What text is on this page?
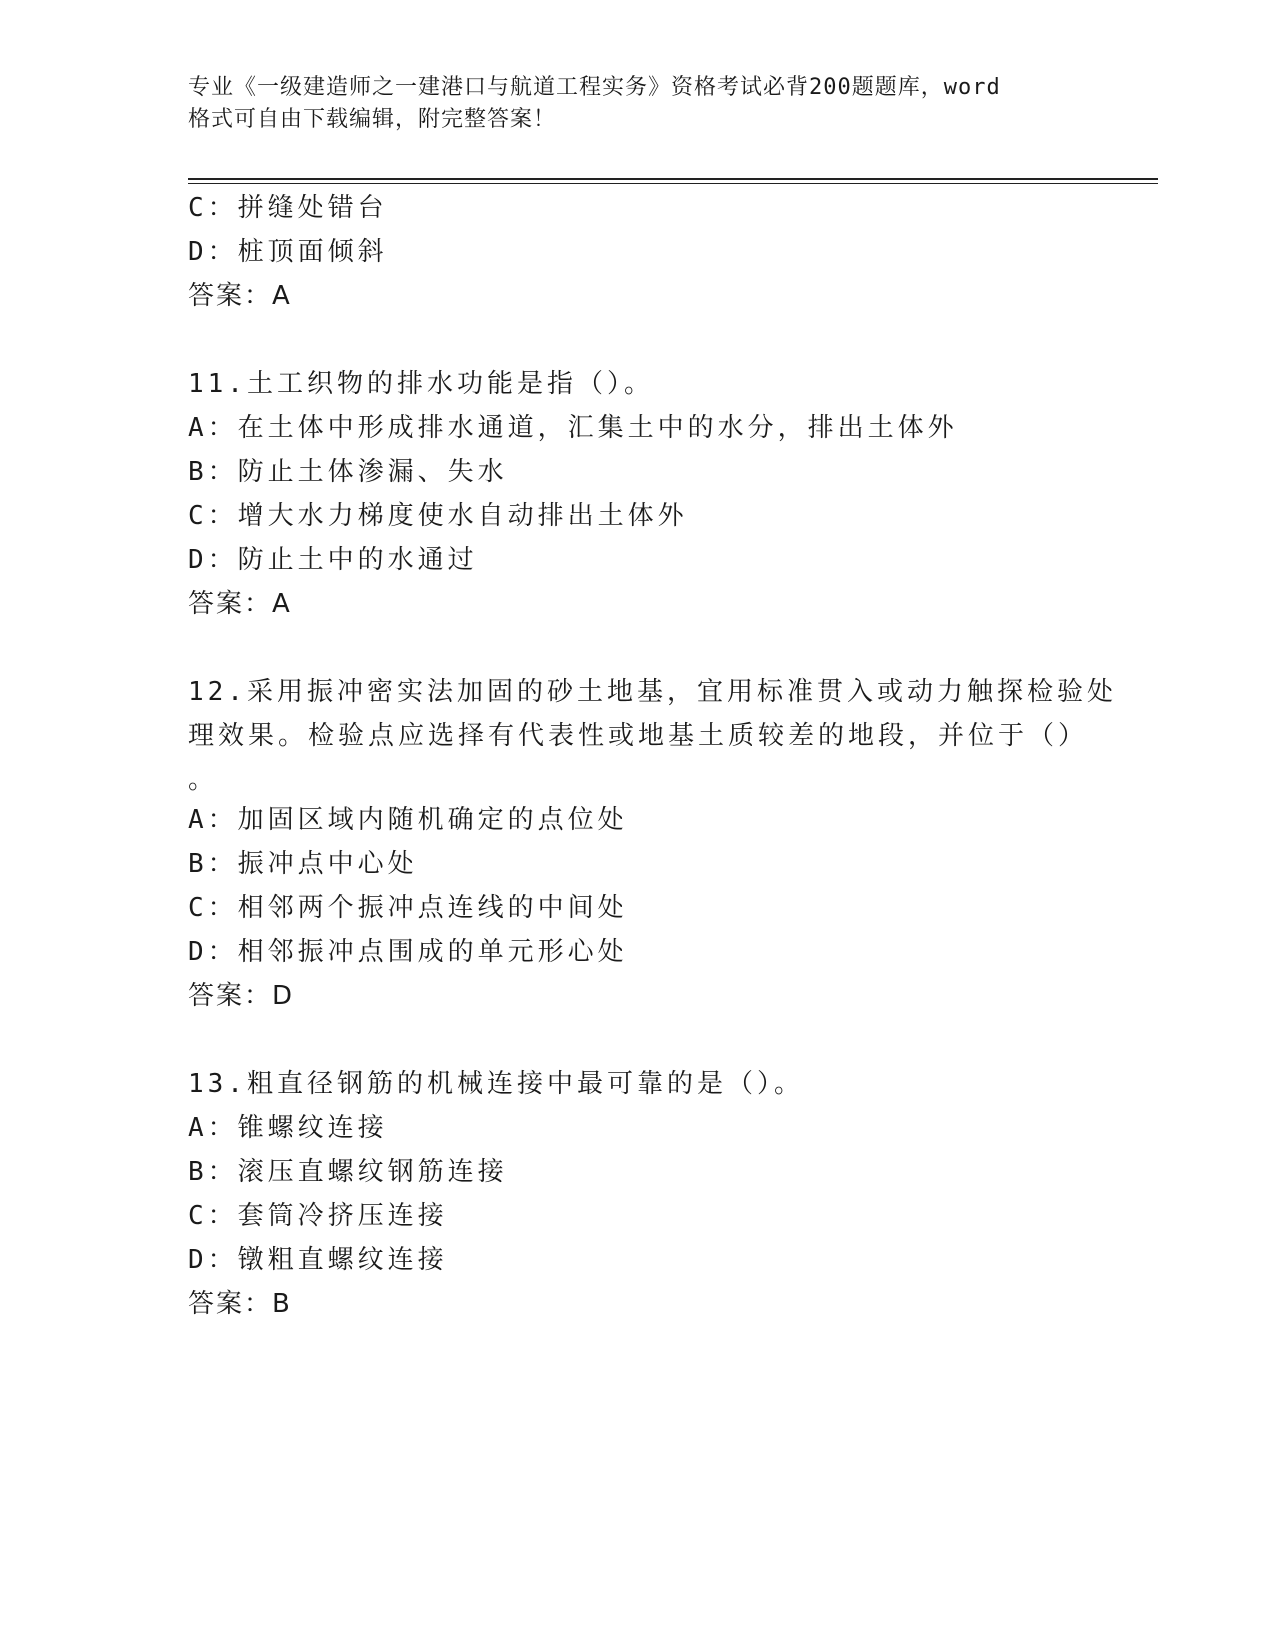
专业《一级建造师之一建港口与航道工程实务》资格考试必背200题题库，word
格式可自由下载编辑，附完整答案！
C：拼缝处错台
D：桩顶面倾斜
答案：A
11.土工织物的排水功能是指（）。
A：在土体中形成排水通道，汇集土中的水分，排出土体外
B：防止土体渗漏、失水
C：增大水力梯度使水自动排出土体外
D：防止土中的水通过
答案：A
12.采用振冲密实法加固的砂土地基，宜用标准贯入或动力触探检验处
理效果。检验点应选择有代表性或地基土质较差的地段，并位于（）
。
A：加固区域内随机确定的点位处
B：振冲点中心处
C：相邻两个振冲点连线的中间处
D：相邻振冲点围成的单元形心处
答案：D
13.粗直径钢筋的机械连接中最可靠的是（）。
A：锥螺纹连接
B：滚压直螺纹钢筋连接
C：套筒冷挤压连接
D：镦粗直螺纹连接
答案：B
